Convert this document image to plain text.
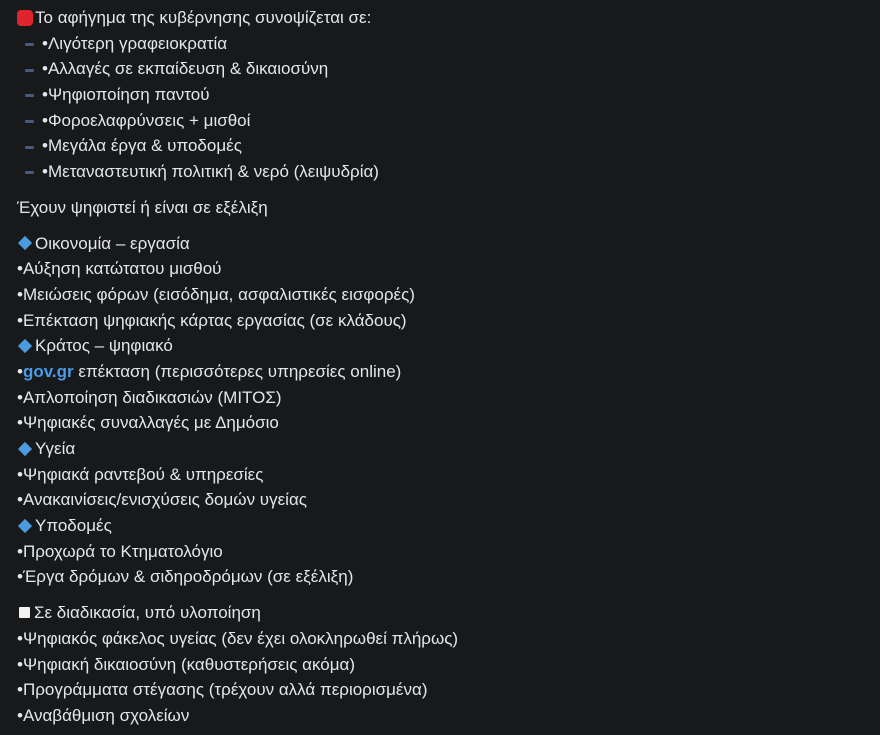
Το αφήγημα της κυβέρνησης συνοψίζεται σε:
•Λιγότερη γραφειοκρατία
•Αλλαγές σε εκπαίδευση & δικαιοσύνη
•Ψηφιοποίηση παντού
•Φοροελαφρύνσεις + μισθοί
•Μεγάλα έργα & υποδομές
•Μεταναστευτική πολιτική & νερό (λειψυδρία)
Έχουν ψηφιστεί ή είναι σε εξέλιξη
Οικονομία – εργασία
•Αύξηση κατώτατου μισθού
•Μειώσεις φόρων (εισόδημα, ασφαλιστικές εισφορές)
•Επέκταση ψηφιακής κάρτας εργασίας (σε κλάδους)
Κράτος – ψηφιακό
• gov.gr επέκταση (περισσότερες υπηρεσίες online)
•Απλοποίηση διαδικασιών (ΜΙΤΟΣ)
•Ψηφιακές συναλλαγές με Δημόσιο
Υγεία
•Ψηφιακά ραντεβού & υπηρεσίες
•Ανακαινίσεις/ενισχύσεις δομών υγείας
Υποδομές
•Προχωρά το Κτηματολόγιο
•Έργα δρόμων & σιδηροδρόμων (σε εξέλιξη)
Σε διαδικασία, υπό υλοποίηση
•Ψηφιακός φάκελος υγείας (δεν έχει ολοκληρωθεί πλήρως)
•Ψηφιακή δικαιοσύνη (καθυστερήσεις ακόμα)
•Προγράμματα στέγασης (τρέχουν αλλά περιορισμένα)
•Αναβάθμιση σχολείων
